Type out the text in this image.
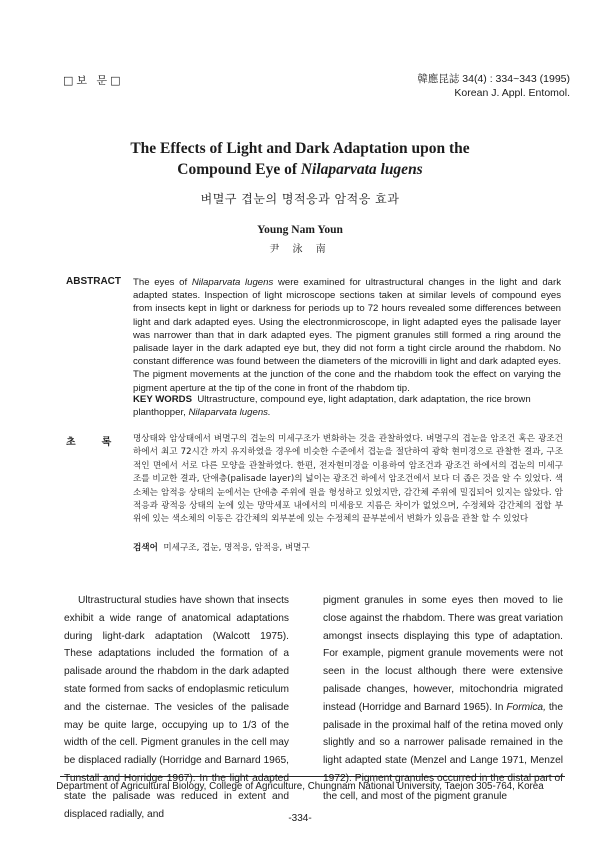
□보 문□	韓應昆誌 34(4) : 334~343 (1995)
Korean J. Appl. Entomol.
The Effects of Light and Dark Adaptation upon the
Compound Eye of Nilaparvata lugens
벼멸구 겹눈의 명적응과 암적응 효과
Young Nam Youn
尹 泳 南
ABSTRACT The eyes of Nilaparvata lugens were examined for ultrastructural changes in the light and dark adapted states. Inspection of light microscope sections taken at similar levels of compound eyes from insects kept in light or darkness for periods up to 72 hours revealed some differences between light and dark adapted eyes. Using the electronmicroscope, in light adapted eyes the palisade layer was narrower than that in dark adapted eyes. The pigment granules still formed a ring around the palisade layer in the dark adapted eye but, they did not form a tight circle around the rhabdom. No constant difference was found between the diameters of the microvilli in light and dark adapted eyes. The pigment movements at the junction of the cone and the rhabdom took the effect on varying the pigment aperture at the tip of the cone in front of the rhabdom tip.
KEY WORDS Ultrastructure, compound eye, light adaptation, dark adaptation, the rice brown planthopper, Nilaparvata lugens.
초록
명상태와 암상태에서 벼멸구의 겹눈의 미세구조가 변화하는 것을 관찰하였다. 벼멸구의 겹눈을 암조건 혹은 광조건 하에서 최고 72시간 까지 유지하였을 경우에 비슷한 수준에서 겹눈을 절단하여 광학 현미경으로 관찰한 결과, 구조적인 면에서 서로 다른 모양을 관찰하였다. 한편, 전자현미경을 이용하여 암조건과 광조건 하에서의 겹눈의 미세구조를 비교한 결과, 단애층(palisade layer)의 넓이는 광조건 하에서 암조건에서 보다 더 좁은 것을 알 수 있었다. 색소체는 암적응 상태의 눈에서는 단애층 주위에 원을 형성하고 있었지만, 감간체 주위에 밀집되어 있지는 않았다. 암적응과 광적응 상태의 눈에 있는 망막세포 내에서의 미세융모 지름은 차이가 없었으며, 수정체와 감간체의 접합 부위에 있는 색소체의 이동은 감간체의 외부분에 있는 수정체의 끝부분에서 변화가 있음을 관찰 할 수 있었다
검색어 미세구조, 겹눈, 명적응, 암적응, 벼멸구
Ultrastructural studies have shown that insects exhibit a wide range of anatomical adaptations during light-dark adaptation (Walcott 1975). These adaptations included the formation of a palisade around the rhabdom in the dark adapted state formed from sacks of endoplasmic reticulum and the cisternae. The vesicles of the palisade may be quite large, occupying up to 1/3 of the width of the cell. Pigment granules in the cell may be displaced radially (Horridge and Barnard 1965, Tunstall and Horridge 1967). In the light adapted state the palisade was reduced in extent and displaced radially, and
pigment granules in some eyes then moved to lie close against the rhabdom. There was great variation amongst insects displaying this type of adaptation. For example, pigment granule movements were not seen in the locust although there were extensive palisade changes, however, mitochondria migrated instead (Horridge and Barnard 1965). In Formica, the palisade in the proximal half of the retina moved only slightly and so a narrower palisade remained in the light adapted state (Menzel and Lange 1971, Menzel 1972). Pigment granules occurred in the distal part of the cell, and most of the pigment granule
Department of Agricultural Biology, College of Agriculture, Chungnam National University, Taejon 305-764, Korea
-334-
